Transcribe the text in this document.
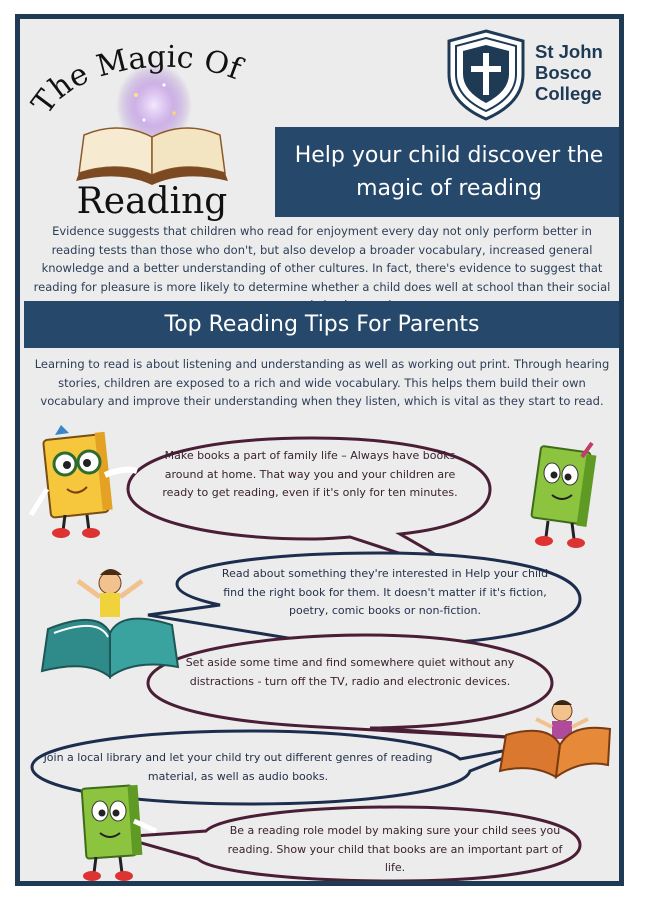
The Magic Of
Reading
St John
Bosco
College
Help your child discover the
magic of reading
Evidence suggests that children who read for enjoyment every day not only perform better in reading tests than those who don't, but also develop a broader vocabulary, increased general knowledge and a better understanding of other cultures. In fact, there's evidence to suggest that reading for pleasure is more likely to determine whether a child does well at school than their social
Top Reading Tips For Parents
Learning to read is about listening and understanding as well as working out print. Through hearing stories, children are exposed to a rich and wide vocabulary. This helps them build their own vocabulary and improve their understanding when they listen, which is vital as they start to read.
Make books a part of family life – Always have books around at home. That way you and your children are ready to get reading, even if it's only for ten minutes.
Read about something they're interested in Help your child find the right book for them. It doesn't matter if it's fiction, poetry, comic books or non-fiction.
Set aside some time and find somewhere quiet without any distractions - turn off the TV, radio and electronic devices.
Join a local library and let your child try out different genres of reading material, as well as audio books.
Be a reading role model by making sure your child sees you reading. Show your child that books are an important part of life.
